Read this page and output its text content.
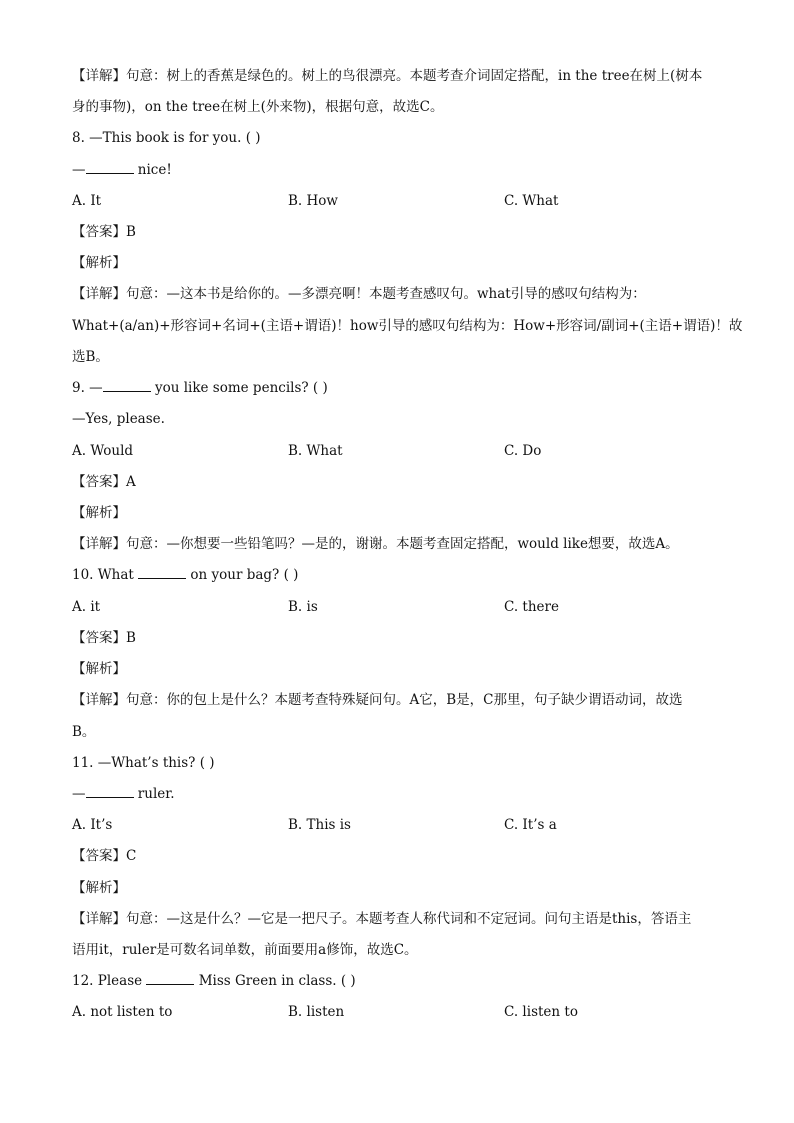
【详解】句意：树上的香蕉是绿色的。树上的鸟很漂亮。本题考查介词固定搭配，in the tree在树上(树本
身的事物)，on the tree在树上(外来物)，根据句意，故选C。
8. —This book is for you. ( )
—	nice!
A. It	B. How	C. What
【答案】B
【解析】
【详解】句意：—这本书是给你的。—多漂亮啊！本题考查感叹句。what引导的感叹句结构为：
What+(a/an)+形容词+名词+(主语+谓语)！how引导的感叹句结构为：How+形容词/副词+(主语+谓语)！故
选B。
9. —	you like some pencils? ( )
—Yes, please.
A. Would	B. What	C. Do
【答案】A
【解析】
【详解】句意：—你想要一些铅笔吗？—是的，谢谢。本题考查固定搭配，would like想要，故选A。
10. What	on your bag? ( )
A. it	B. is	C. there
【答案】B
【解析】
【详解】句意：你的包上是什么？本题考查特殊疑问句。A它，B是，C那里，句子缺少谓语动词，故选
B。
11. —What’s this? ( )
—	ruler.
A. It’s	B. This is	C. It’s a
【答案】C
【解析】
【详解】句意：—这是什么？—它是一把尺子。本题考查人称代词和不定冠词。问句主语是this，答语主
语用it，ruler是可数名词单数，前面要用a修饰，故选C。
12. Please	Miss Green in class. ( )
A. not listen to	B. listen	C. listen to
